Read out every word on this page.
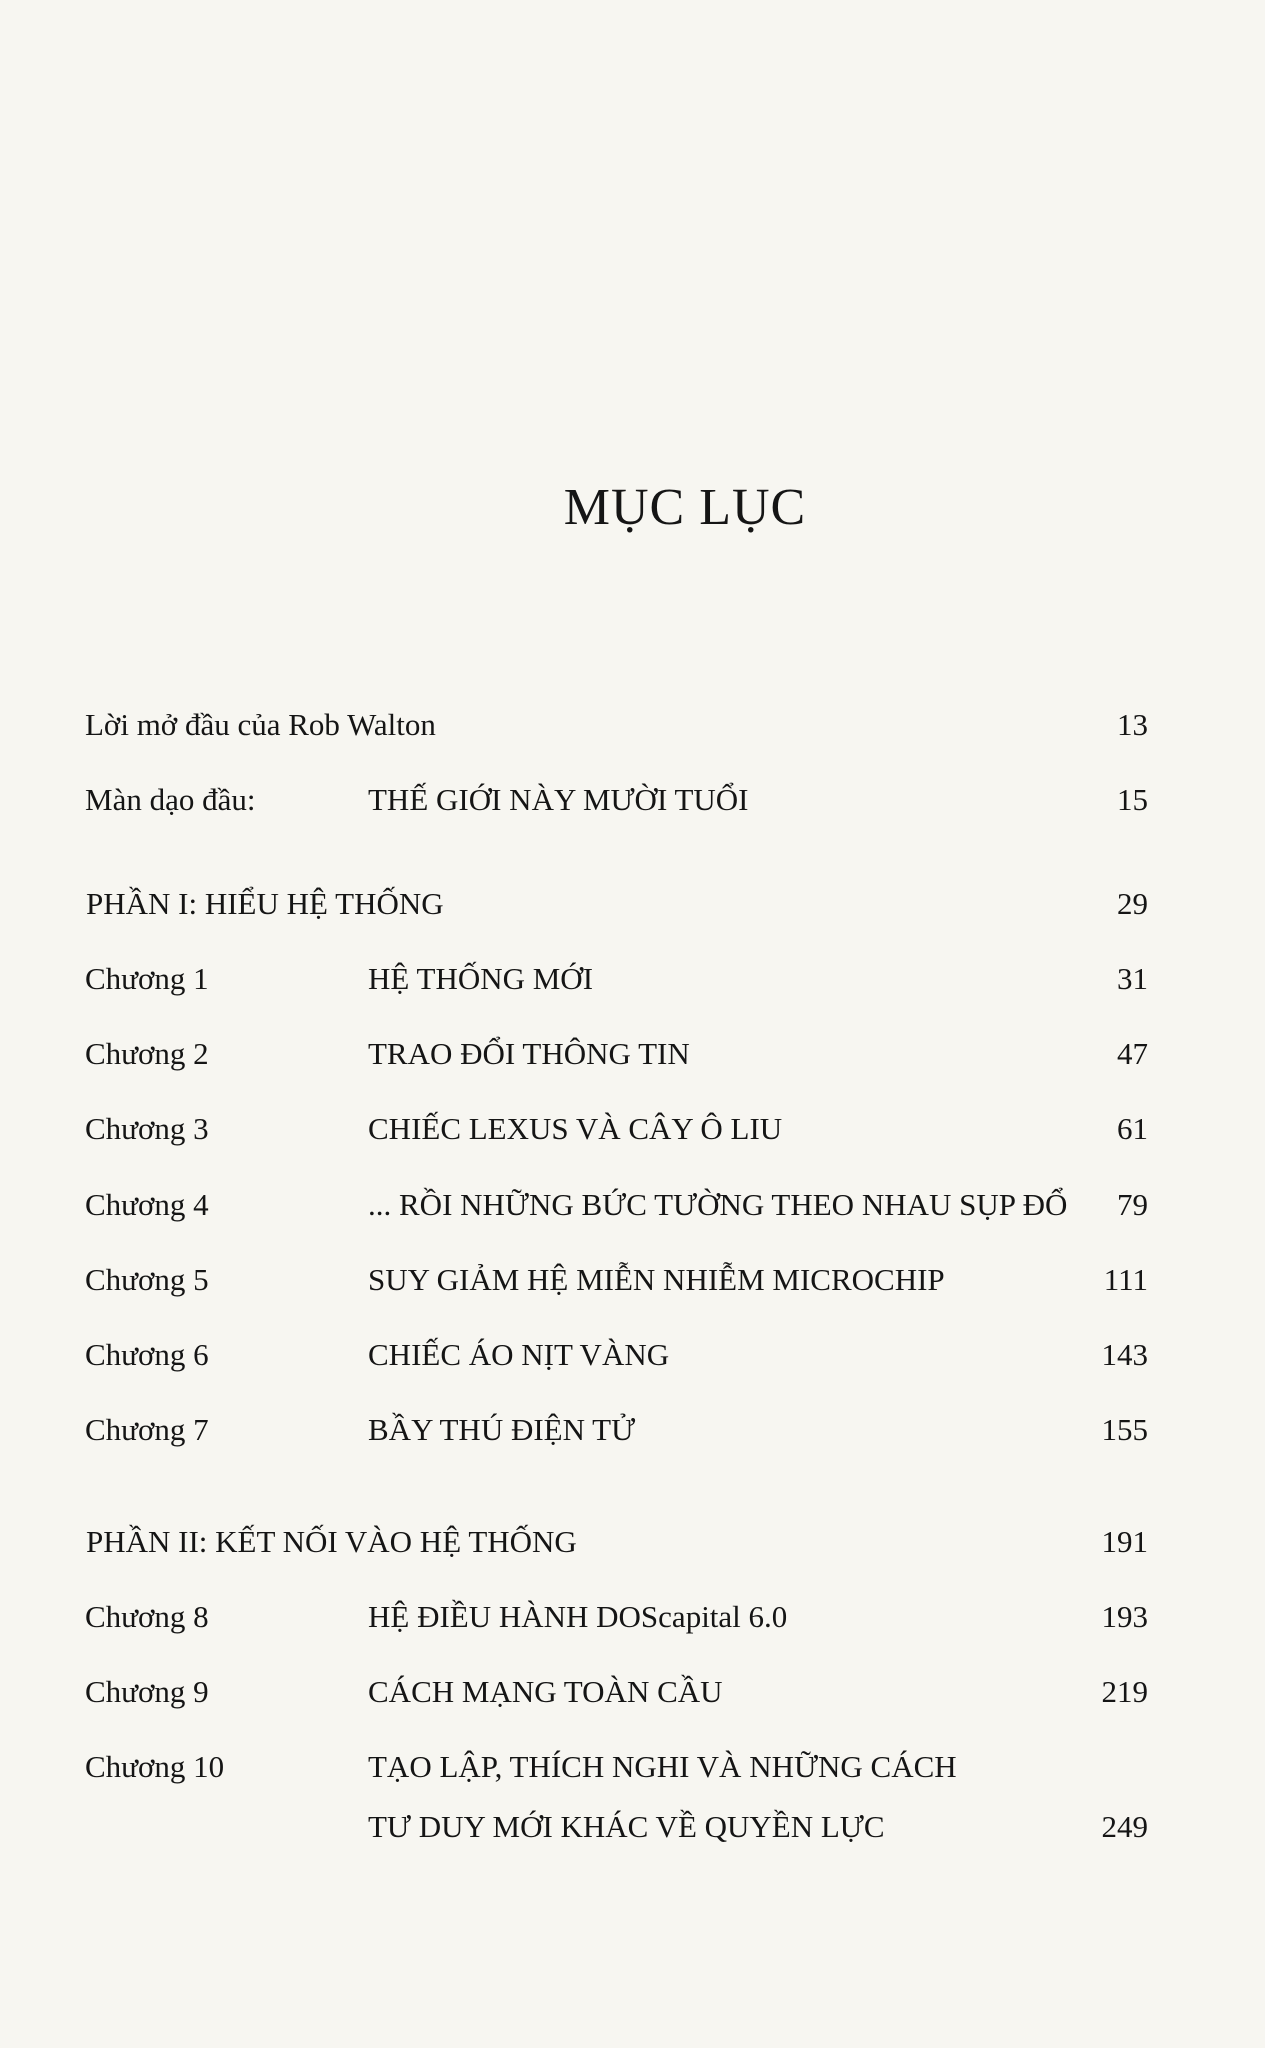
MỤC LỤC
Lời mở đầu của Rob Walton	13
Màn dạo đầu:	THẾ GIỚI NÀY MƯỜI TUỔI	15
PHẦN I: HIỂU HỆ THỐNG	29
Chương 1	HỆ THỐNG MỚI	31
Chương 2	TRAO ĐỔI THÔNG TIN	47
Chương 3	CHIẾC LEXUS VÀ CÂY Ô LIU	61
Chương 4	... RỒI NHỮNG BỨC TƯỜNG THEO NHAU SỤP ĐỔ 79
Chương 5	SUY GIẢM HỆ MIỄN NHIỄM MICROCHIP	111
Chương 6	CHIẾC ÁO NỊT VÀNG	143
Chương 7	BẦY THÚ ĐIỆN TỬ	155
PHẦN II: KẾT NỐI VÀO HỆ THỐNG	191
Chương 8	HỆ ĐIỀU HÀNH DOScapital 6.0	193
Chương 9	CÁCH MẠNG TOÀN CẦU	219
Chương 10	TẠO LẬP, THÍCH NGHI VÀ NHỮNG CÁCH
TƯ DUY MỚI KHÁC VỀ QUYỀN LỰC	249
